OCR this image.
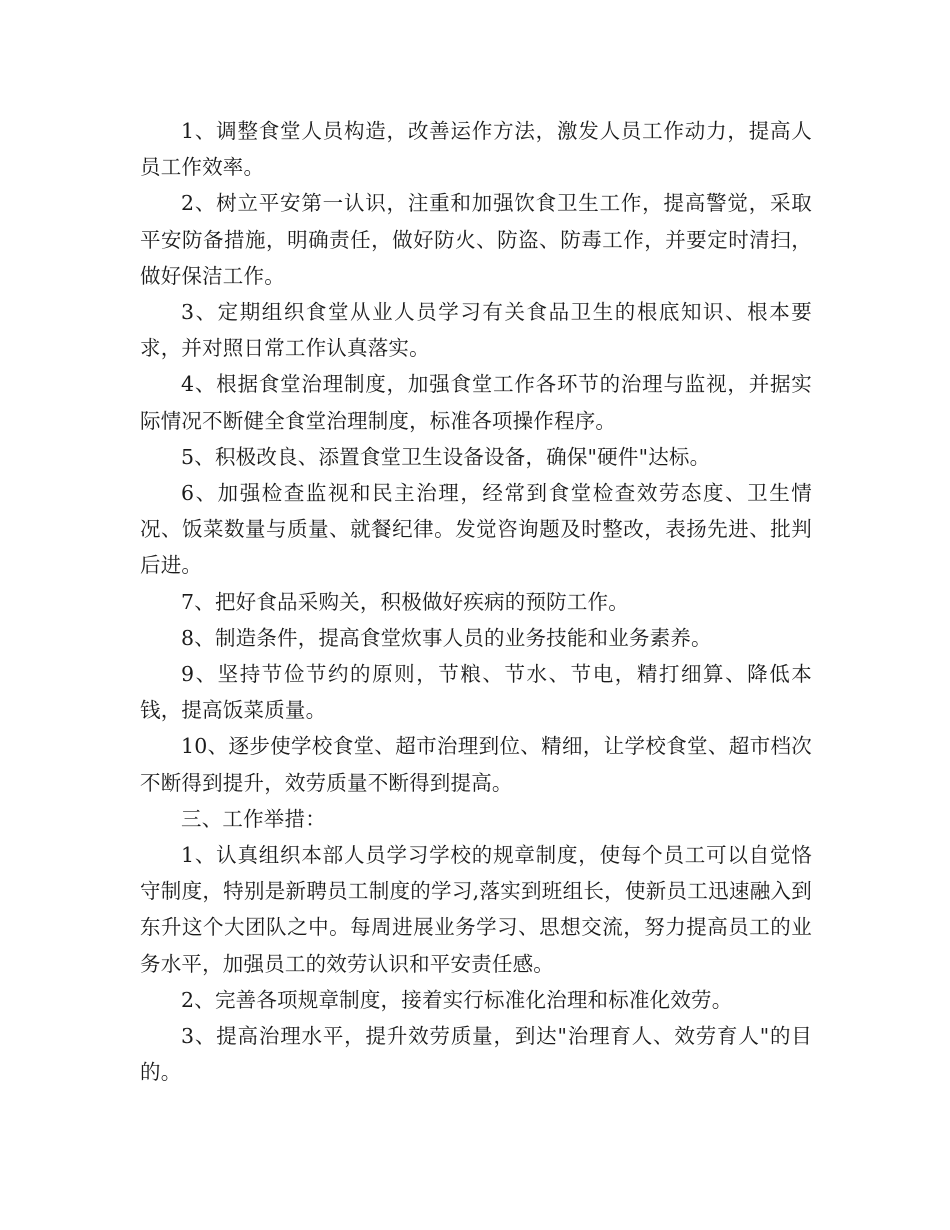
1、调整食堂人员构造，改善运作方法，激发人员工作动力，提高人员工作效率。

2、树立平安第一认识，注重和加强饮食卫生工作，提高警觉，采取平安防备措施，明确责任，做好防火、防盗、防毒工作，并要定时清扫，做好保洁工作。

3、定期组织食堂从业人员学习有关食品卫生的根底知识、根本要求，并对照日常工作认真落实。

4、根据食堂治理制度，加强食堂工作各环节的治理与监视，并据实际情况不断健全食堂治理制度，标准各项操作程序。

5、积极改良、添置食堂卫生设备设备，确保"硬件"达标。

6、加强检查监视和民主治理，经常到食堂检查效劳态度、卫生情况、饭菜数量与质量、就餐纪律。发觉咨询题及时整改，表扬先进、批判后进。

7、把好食品采购关，积极做好疾病的预防工作。

8、制造条件，提高食堂炊事人员的业务技能和业务素养。

9、坚持节俭节约的原则，节粮、节水、节电，精打细算、降低本钱，提高饭菜质量。

10、逐步使学校食堂、超市治理到位、精细，让学校食堂、超市档次不断得到提升，效劳质量不断得到提高。

三、工作举措：

1、认真组织本部人员学习学校的规章制度，使每个员工可以自觉恪守制度，特别是新聘员工制度的学习,落实到班组长，使新员工迅速融入到东升这个大团队之中。每周进展业务学习、思想交流，努力提高员工的业务水平，加强员工的效劳认识和平安责任感。

2、完善各项规章制度，接着实行标准化治理和标准化效劳。

3、提高治理水平，提升效劳质量，到达"治理育人、效劳育人"的目的。
